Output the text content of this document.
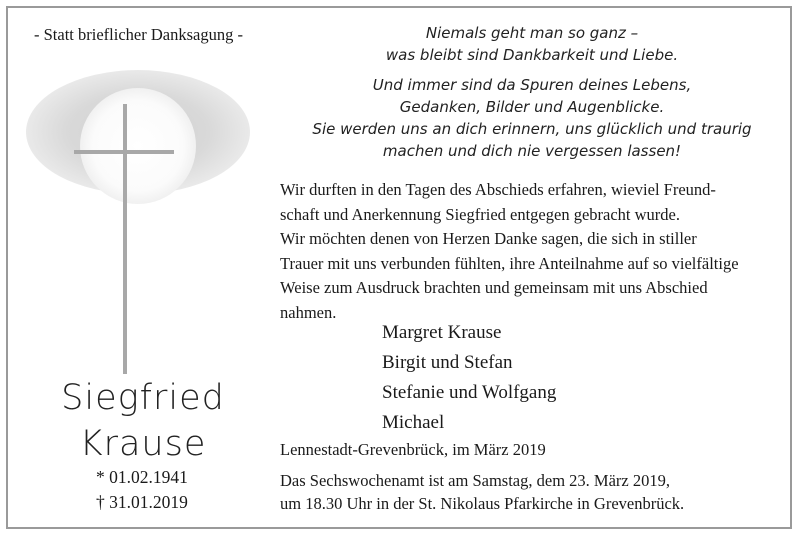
- Statt brieflicher Danksagung -
Siegfried
Krause
* 01.02.1941
† 31.01.2019
Niemals geht man so ganz –
was bleibt sind Dankbarkeit und Liebe.
Und immer sind da Spuren deines Lebens,
Gedanken, Bilder und Augenblicke.
Sie werden uns an dich erinnern, uns glücklich und traurig
machen und dich nie vergessen lassen!
Wir durften in den Tagen des Abschieds erfahren, wieviel Freund-
schaft und Anerkennung Siegfried entgegen gebracht wurde.
Wir möchten denen von Herzen Danke sagen, die sich in stiller
Trauer mit uns verbunden fühlten, ihre Anteilnahme auf so vielfältige
Weise zum Ausdruck brachten und gemeinsam mit uns Abschied
nahmen.
Margret Krause
Birgit und Stefan
Stefanie und Wolfgang
Michael
Lennestadt-Grevenbrück, im März 2019
Das Sechswochenamt ist am Samstag, dem 23. März 2019,
um 18.30 Uhr in der St. Nikolaus Pfarkirche in Grevenbrück.
